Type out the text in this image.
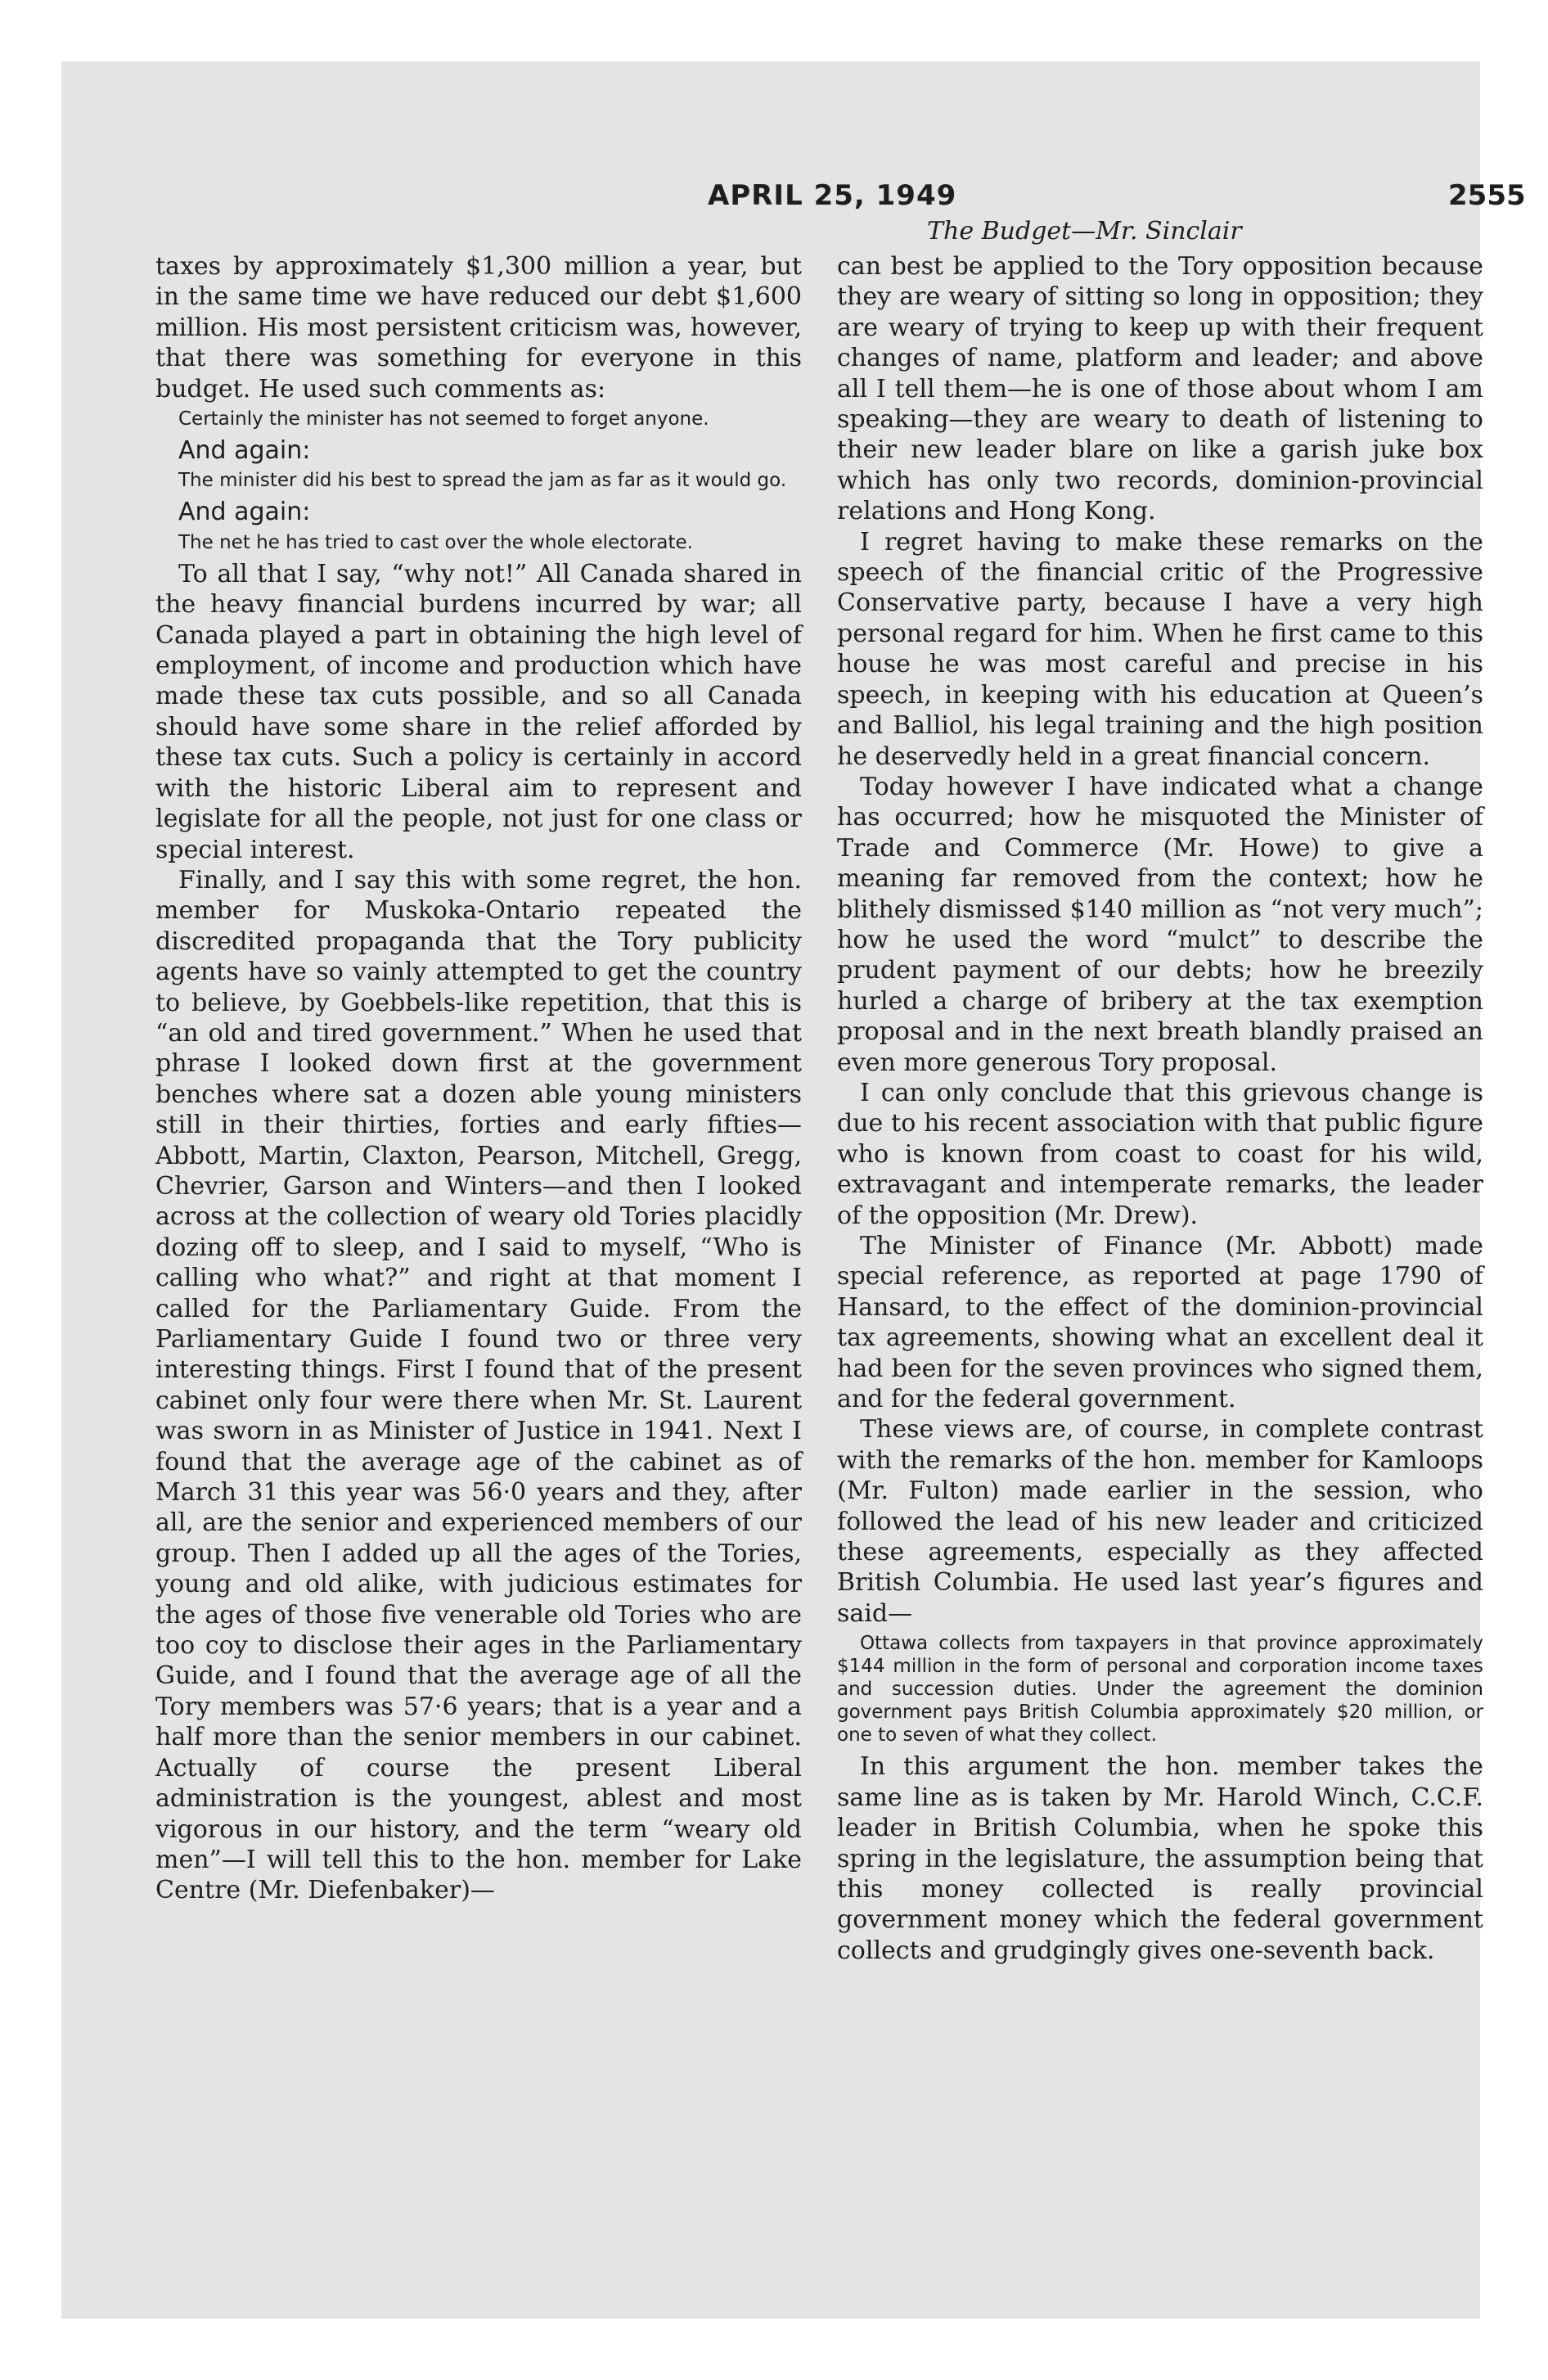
APRIL 25, 1949
The Budget—Mr. Sinclair
2555

taxes by approximately $1,300 million a year, but in the same time we have reduced our debt $1,600 million. His most persistent criticism was, however, that there was something for everyone in this budget. He used such comments as:

Certainly the minister has not seemed to forget anyone.

And again:

The minister did his best to spread the jam as far as it would go.

And again:

The net he has tried to cast over the whole electorate.

To all that I say, “why not!” All Canada shared in the heavy financial burdens incurred by war; all Canada played a part in obtaining the high level of employment, of income and production which have made these tax cuts possible, and so all Canada should have some share in the relief afforded by these tax cuts. Such a policy is certainly in accord with the historic Liberal aim to represent and legislate for all the people, not just for one class or special interest.

Finally, and I say this with some regret, the hon. member for Muskoka-Ontario repeated the discredited propaganda that the Tory publicity agents have so vainly attempted to get the country to believe, by Goebbels-like repetition, that this is “an old and tired government.” When he used that phrase I looked down first at the government benches where sat a dozen able young ministers still in their thirties, forties and early fifties—Abbott, Martin, Claxton, Pearson, Mitchell, Gregg, Chevrier, Garson and Winters—and then I looked across at the collection of weary old Tories placidly dozing off to sleep, and I said to myself, “Who is calling who what?” and right at that moment I called for the Parliamentary Guide. From the Parliamentary Guide I found two or three very interesting things. First I found that of the present cabinet only four were there when Mr. St. Laurent was sworn in as Minister of Justice in 1941. Next I found that the average age of the cabinet as of March 31 this year was 56·0 years and they, after all, are the senior and experienced members of our group. Then I added up all the ages of the Tories, young and old alike, with judicious estimates for the ages of those five venerable old Tories who are too coy to disclose their ages in the Parliamentary Guide, and I found that the average age of all the Tory members was 57·6 years; that is a year and a half more than the senior members in our cabinet. Actually of course the present Liberal administration is the youngest, ablest and most vigorous in our history, and the term “weary old men”—I will tell this to the hon. member for Lake Centre (Mr. Diefenbaker)—

can best be applied to the Tory opposition because they are weary of sitting so long in opposition; they are weary of trying to keep up with their frequent changes of name, platform and leader; and above all I tell them—he is one of those about whom I am speaking—they are weary to death of listening to their new leader blare on like a garish juke box which has only two records, dominion-provincial relations and Hong Kong.

I regret having to make these remarks on the speech of the financial critic of the Progressive Conservative party, because I have a very high personal regard for him. When he first came to this house he was most careful and precise in his speech, in keeping with his education at Queen’s and Balliol, his legal training and the high position he deservedly held in a great financial concern.

Today however I have indicated what a change has occurred; how he misquoted the Minister of Trade and Commerce (Mr. Howe) to give a meaning far removed from the context; how he blithely dismissed $140 million as “not very much”; how he used the word “mulct” to describe the prudent payment of our debts; how he breezily hurled a charge of bribery at the tax exemption proposal and in the next breath blandly praised an even more generous Tory proposal.

I can only conclude that this grievous change is due to his recent association with that public figure who is known from coast to coast for his wild, extravagant and intemperate remarks, the leader of the opposition (Mr. Drew).

The Minister of Finance (Mr. Abbott) made special reference, as reported at page 1790 of Hansard, to the effect of the dominion-provincial tax agreements, showing what an excellent deal it had been for the seven provinces who signed them, and for the federal government.

These views are, of course, in complete contrast with the remarks of the hon. member for Kamloops (Mr. Fulton) made earlier in the session, who followed the lead of his new leader and criticized these agreements, especially as they affected British Columbia. He used last year’s figures and said—

Ottawa collects from taxpayers in that province approximately $144 million in the form of personal and corporation income taxes and succession duties. Under the agreement the dominion government pays British Columbia approximately $20 million, or one to seven of what they collect.

In this argument the hon. member takes the same line as is taken by Mr. Harold Winch, C.C.F. leader in British Columbia, when he spoke this spring in the legislature, the assumption being that this money collected is really provincial government money which the federal government collects and grudgingly gives one-seventh back.
